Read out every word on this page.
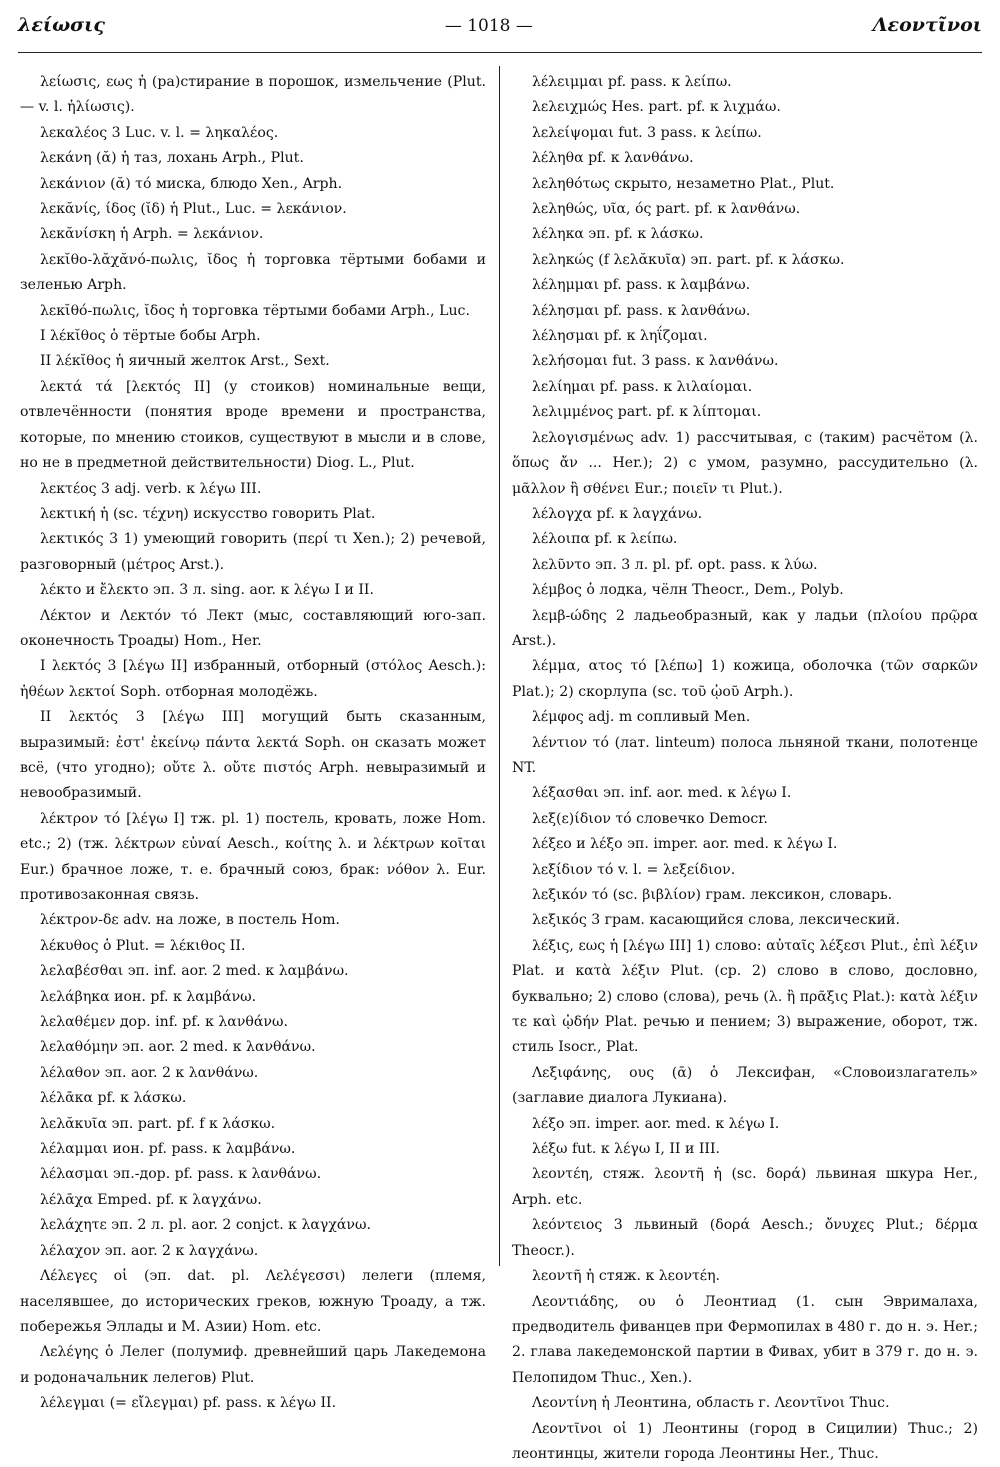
λείωσις	— 1018 —	Λεοντῖνοι

λείωσις, εως ἡ (ра)стирание в порошок, измельчение (Plut. — v. l. ἠλίωσις).

λεκαλέος 3 Luc. v. l. = ληκαλέος.

λεκάνη (ᾰ) ἡ таз, лохань Arph., Plut.

λεκάνιον (ᾰ) τό миска, блюдо Xen., Arph.

λεκᾰνίς, ίδος (ῐδ) ἡ Plut., Luc. = λεκάνιον.

λεκᾰνίσκη ἡ Arph. = λεκάνιον.

λεκῐθο-λᾰχᾰνό-πωλις, ῐδος ἡ торговка тёртыми бобами и зеленью Arph.

λεκῐθό-πωλις, ῐδος ἡ торговка тёртыми бобами Arph., Luc.

I λέκῐθος ὁ тёртые бобы Arph.

II λέκῐθος ἡ яичный желток Arst., Sext.

λεκτά τά [λεκτός II] (у стоиков) номинальные вещи, отвлечённости (понятия вроде времени и пространства, которые, по мнению стоиков, существуют в мысли и в слове, но не в предметной действительности) Diog. L., Plut.

λεκτέος 3 adj. verb. к λέγω III.

λεκτική ἡ (sc. τέχνη) искусство говорить Plat.

λεκτικός 3 1) умеющий говорить (περί τι Xen.); 2) речевой, разговорный (μέτρος Arst.).

λέκτο и ἔλεκτο эп. 3 л. sing. aor. к λέγω I и II.

Λέκτον и Λεκτόν τό Лект (мыс, составляющий юго-зап. оконечность Троады) Hom., Her.

I λεκτός 3 [λέγω II] избранный, отборный (στόλος Aesch.): ἡθέων λεκτοί Soph. отборная молодёжь.

II λεκτός 3 [λέγω III] могущий быть сказанным, выразимый: ἐστ' ἐκείνῳ πάντα λεκτά Soph. он сказать может всё, (что угодно); οὔτε λ. οὔτε πιστός Arph. невыразимый и невообразимый.

λέκτρον τό [λέγω I] тж. pl. 1) постель, кровать, ложе Hom. etc.; 2) (тж. λέκτρων εὐναί Aesch., κοίτης λ. и λέκτρων κοῖται Eur.) брачное ложе, т. е. брачный союз, брак: νόθον λ. Eur. противозаконная связь.

λέκτρον-δε adv. на ложе, в постель Hom.

λέκυθος ὁ Plut. = λέκιθος II.

λελαβέσθαι эп. inf. aor. 2 med. к λαμβάνω.

λελάβηκα ион. pf. к λαμβάνω.

λελαθέμεν дор. inf. pf. к λανθάνω.

λελαθόμην эп. aor. 2 med. к λανθάνω.

λέλαθον эп. aor. 2 к λανθάνω.

λέλᾱκα pf. к λάσκω.

λελᾰκυῖα эп. part. pf. f к λάσκω.

λέλαμμαι ион. pf. pass. к λαμβάνω.

λέλασμαι эп.-дор. pf. pass. к λανθάνω.

λέλᾱχα Emped. pf. к λαγχάνω.

λελάχητε эп. 2 л. pl. aor. 2 conjct. к λαγχάνω.

λέλαχον эп. aor. 2 к λαγχάνω.

Λέλεγες οἱ (эп. dat. pl. Λελέγεσσι) лелеги (племя, населявшее, до исторических греков, южную Троаду, а тж. побережья Эллады и М. Азии) Hom. etc.

Λελέγης ὁ Лелег (полумиф. древнейший царь Лакедемона и родоначальник лелегов) Plut.

λέλεγμαι (= εἴλεγμαι) pf. pass. к λέγω II.

λέλειμμαι pf. pass. к λείπω.

λελειχμώς Hes. part. pf. к λιχμάω.

λελείψομαι fut. 3 pass. к λείπω.

λέληθα pf. к λανθάνω.

λεληθότως скрыто, незаметно Plat., Plut.

λεληθώς, υῖα, ός part. pf. к λανθάνω.

λέληκα эп. pf. к λάσκω.

λεληκώς (f λελᾰκυῖα) эп. part. pf. к λάσκω.

λέλημμαι pf. pass. к λαμβάνω.

λέλησμαι pf. pass. к λανθάνω.

λέλησμαι pf. к ληΐζομαι.

λελήσομαι fut. 3 pass. к λανθάνω.

λελίημαι pf. pass. к λιλαίομαι.

λελιμμένος part. pf. к λίπτομαι.

λελογισμένως adv. 1) рассчитывая, с (таким) расчётом (λ. ὅπως ἄν ... Her.); 2) с умом, разумно, рассудительно (λ. μᾶλλον ἢ σθένει Eur.; ποιεῖν τι Plut.).

λέλογχα pf. к λαγχάνω.

λέλοιπα pf. к λείπω.

λελῦντο эп. 3 л. pl. pf. opt. pass. к λύω.

λέμβος ὁ лодка, чёлн Theocr., Dem., Polyb.

λεμβ-ώδης 2 ладьеобразный, как у ладьи (πλοίου πρῷρα Arst.).

λέμμα, ατος τό [λέπω] 1) кожица, оболочка (τῶν σαρκῶν Plat.); 2) скорлупа (sc. τοῦ ᾠοῦ Arph.).

λέμφος adj. m сопливый Men.

λέντιον τό (лат. linteum) полоса льняной ткани, полотенце NT.

λέξασθαι эп. inf. aor. med. к λέγω I.

λεξ(ε)ίδιον τό словечко Democr.

λέξεο и λέξο эп. imper. aor. med. к λέγω I.

λεξίδιον τό v. l. = λεξείδιον.

λεξικόν τό (sc. βιβλίον) грам. лексикон, словарь.

λεξικός 3 грам. касающийся слова, лексический.

λέξις, εως ἡ [λέγω III] 1) слово: αὐταῖς λέξεσι Plut., ἐπὶ λέξιν Plat. и κατὰ λέξιν Plut. (ср. 2) слово в слово, дословно, буквально; 2) слово (слова), речь (λ. ἢ πρᾶξις Plat.): κατὰ λέξιν τε καὶ ᾠδήν Plat. речью и пением; 3) выражение, оборот, тж. стиль Isocr., Plat.

Λεξιφάνης, ους (ᾱ) ὁ Лексифан, «Словоизлагатель» (заглавие диалога Лукиана).

λέξο эп. imper. aor. med. к λέγω I.

λέξω fut. к λέγω I, II и III.

λεοντέη, стяж. λεοντῆ ἡ (sc. δορά) львиная шкура Her., Arph. etc.

λεόντειος 3 львиный (δορά Aesch.; ὄνυχες Plut.; δέρμα Theocr.).

λεοντῆ ἡ стяж. к λεοντέη.

Λεοντιάδης, ου ὁ Леонтиад (1. сын Эврималаха, предводитель фиванцев при Фермопилах в 480 г. до н. э. Her.; 2. глава лакедемонской партии в Фивах, убит в 379 г. до н. э. Пелопидом Thuc., Xen.).

Λεοντίνη ἡ Леонтина, область г. Λεοντῖνοι Thuc.

Λεοντῖνοι οἱ 1) Леонтины (город в Сицилии) Thuc.; 2) леонтинцы, жители города Леонтины Her., Thuc.
